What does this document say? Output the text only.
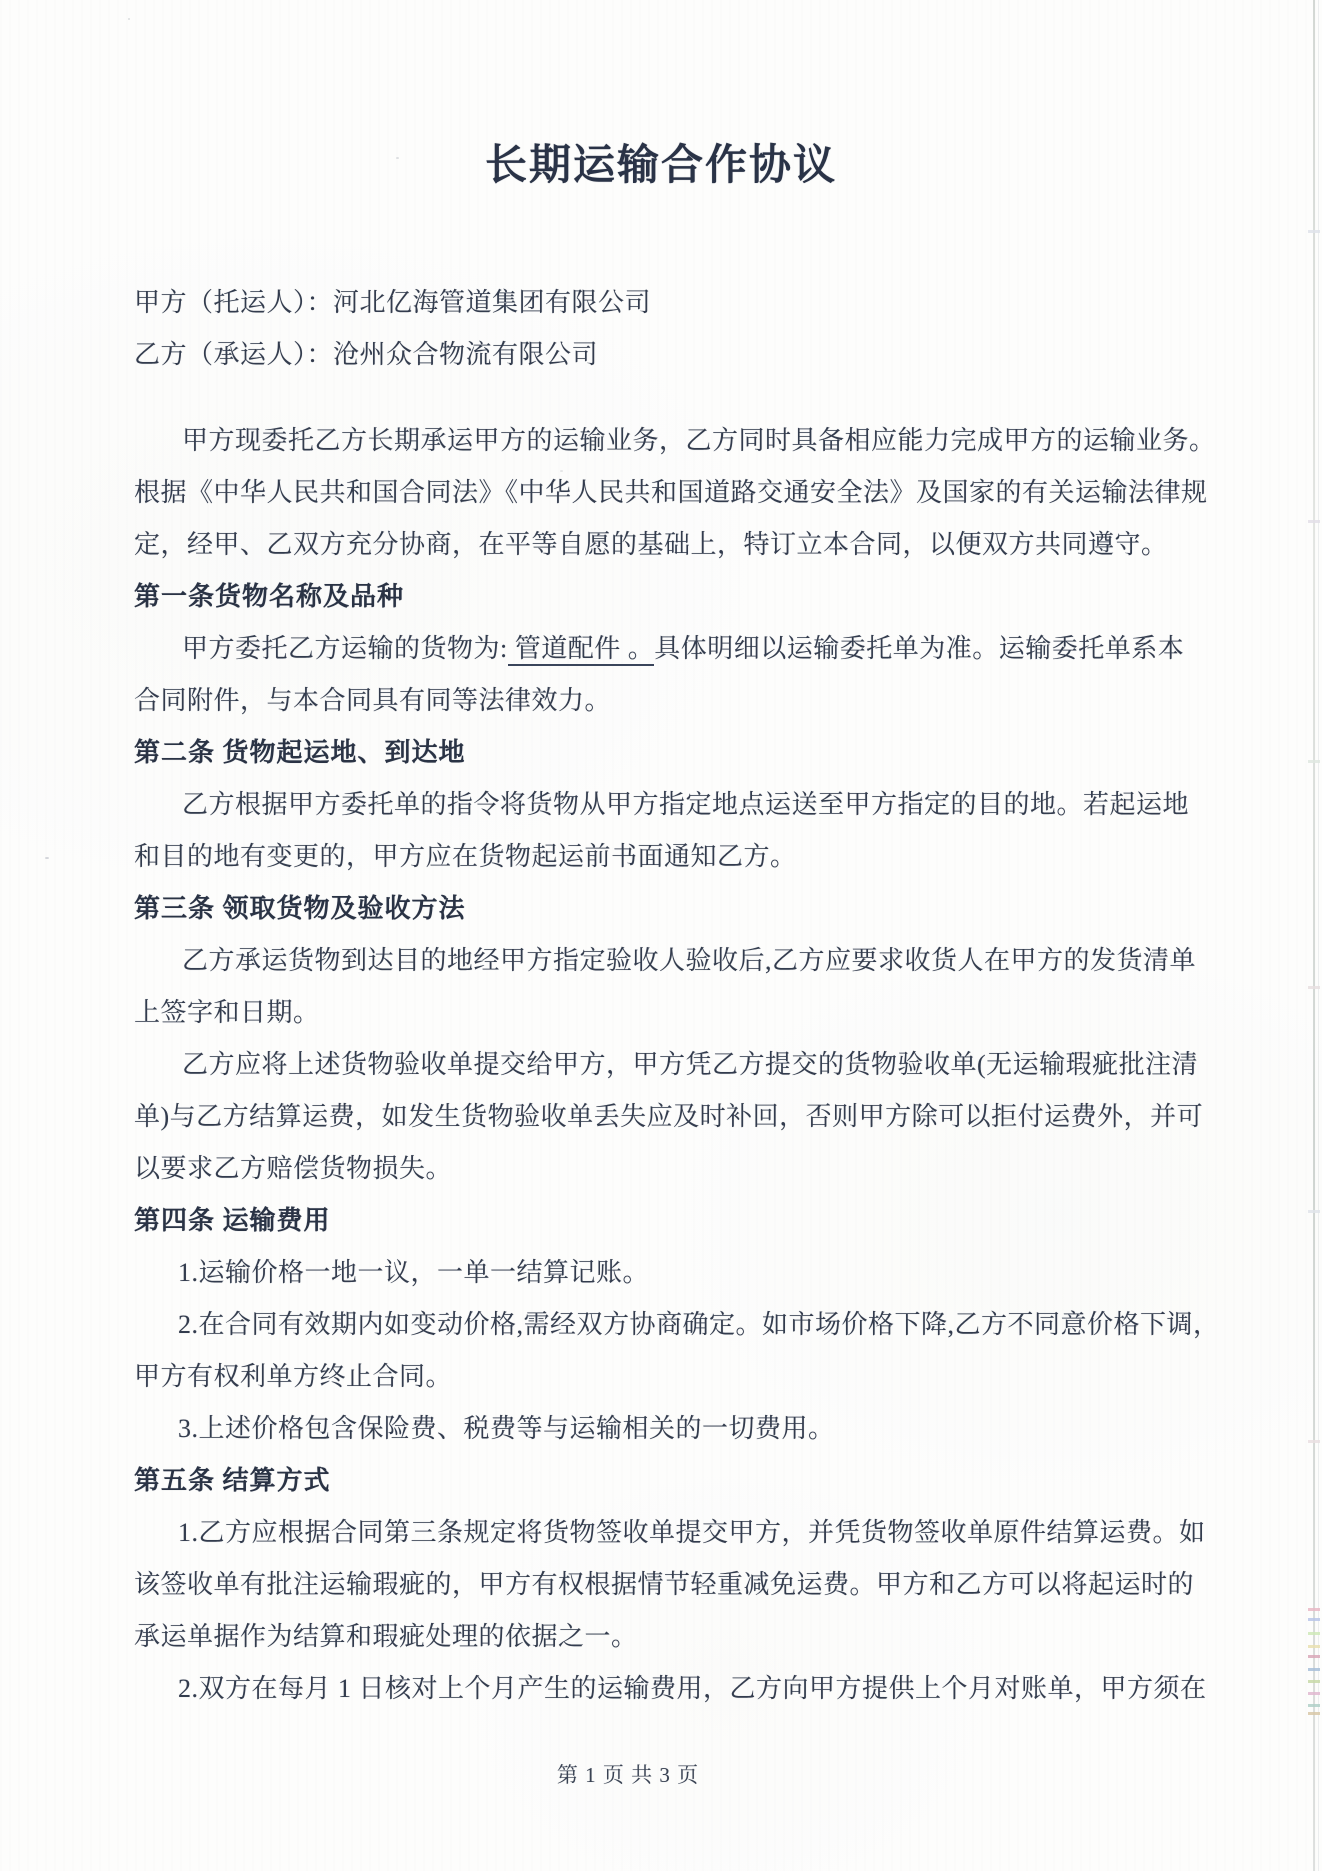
长期运输合作协议
甲方（托运人）：河北亿海管道集团有限公司
乙方（承运人）：沧州众合物流有限公司
甲方现委托乙方长期承运甲方的运输业务，乙方同时具备相应能力完成甲方的运输业务。
根据《中华人民共和国合同法》《中华人民共和国道路交通安全法》及国家的有关运输法律规
定，经甲、乙双方充分协商，在平等自愿的基础上，特订立本合同，以便双方共同遵守。
第一条货物名称及品种
甲方委托乙方运输的货物为: 管道配件 。具体明细以运输委托单为准。运输委托单系本
合同附件，与本合同具有同等法律效力。
第二条 货物起运地、到达地
乙方根据甲方委托单的指令将货物从甲方指定地点运送至甲方指定的目的地。若起运地
和目的地有变更的，甲方应在货物起运前书面通知乙方。
第三条 领取货物及验收方法
乙方承运货物到达目的地经甲方指定验收人验收后,乙方应要求收货人在甲方的发货清单
上签字和日期。
乙方应将上述货物验收单提交给甲方，甲方凭乙方提交的货物验收单(无运输瑕疵批注清
单)与乙方结算运费，如发生货物验收单丢失应及时补回，否则甲方除可以拒付运费外，并可
以要求乙方赔偿货物损失。
第四条 运输费用
1.运输价格一地一议，一单一结算记账。
2.在合同有效期内如变动价格,需经双方协商确定。如市场价格下降,乙方不同意价格下调，
甲方有权利单方终止合同。
3.上述价格包含保险费、税费等与运输相关的一切费用。
第五条 结算方式
1.乙方应根据合同第三条规定将货物签收单提交甲方，并凭货物签收单原件结算运费。如
该签收单有批注运输瑕疵的，甲方有权根据情节轻重减免运费。甲方和乙方可以将起运时的
承运单据作为结算和瑕疵处理的依据之一。
2.双方在每月 1 日核对上个月产生的运输费用，乙方向甲方提供上个月对账单，甲方须在
第 1 页 共 3 页
